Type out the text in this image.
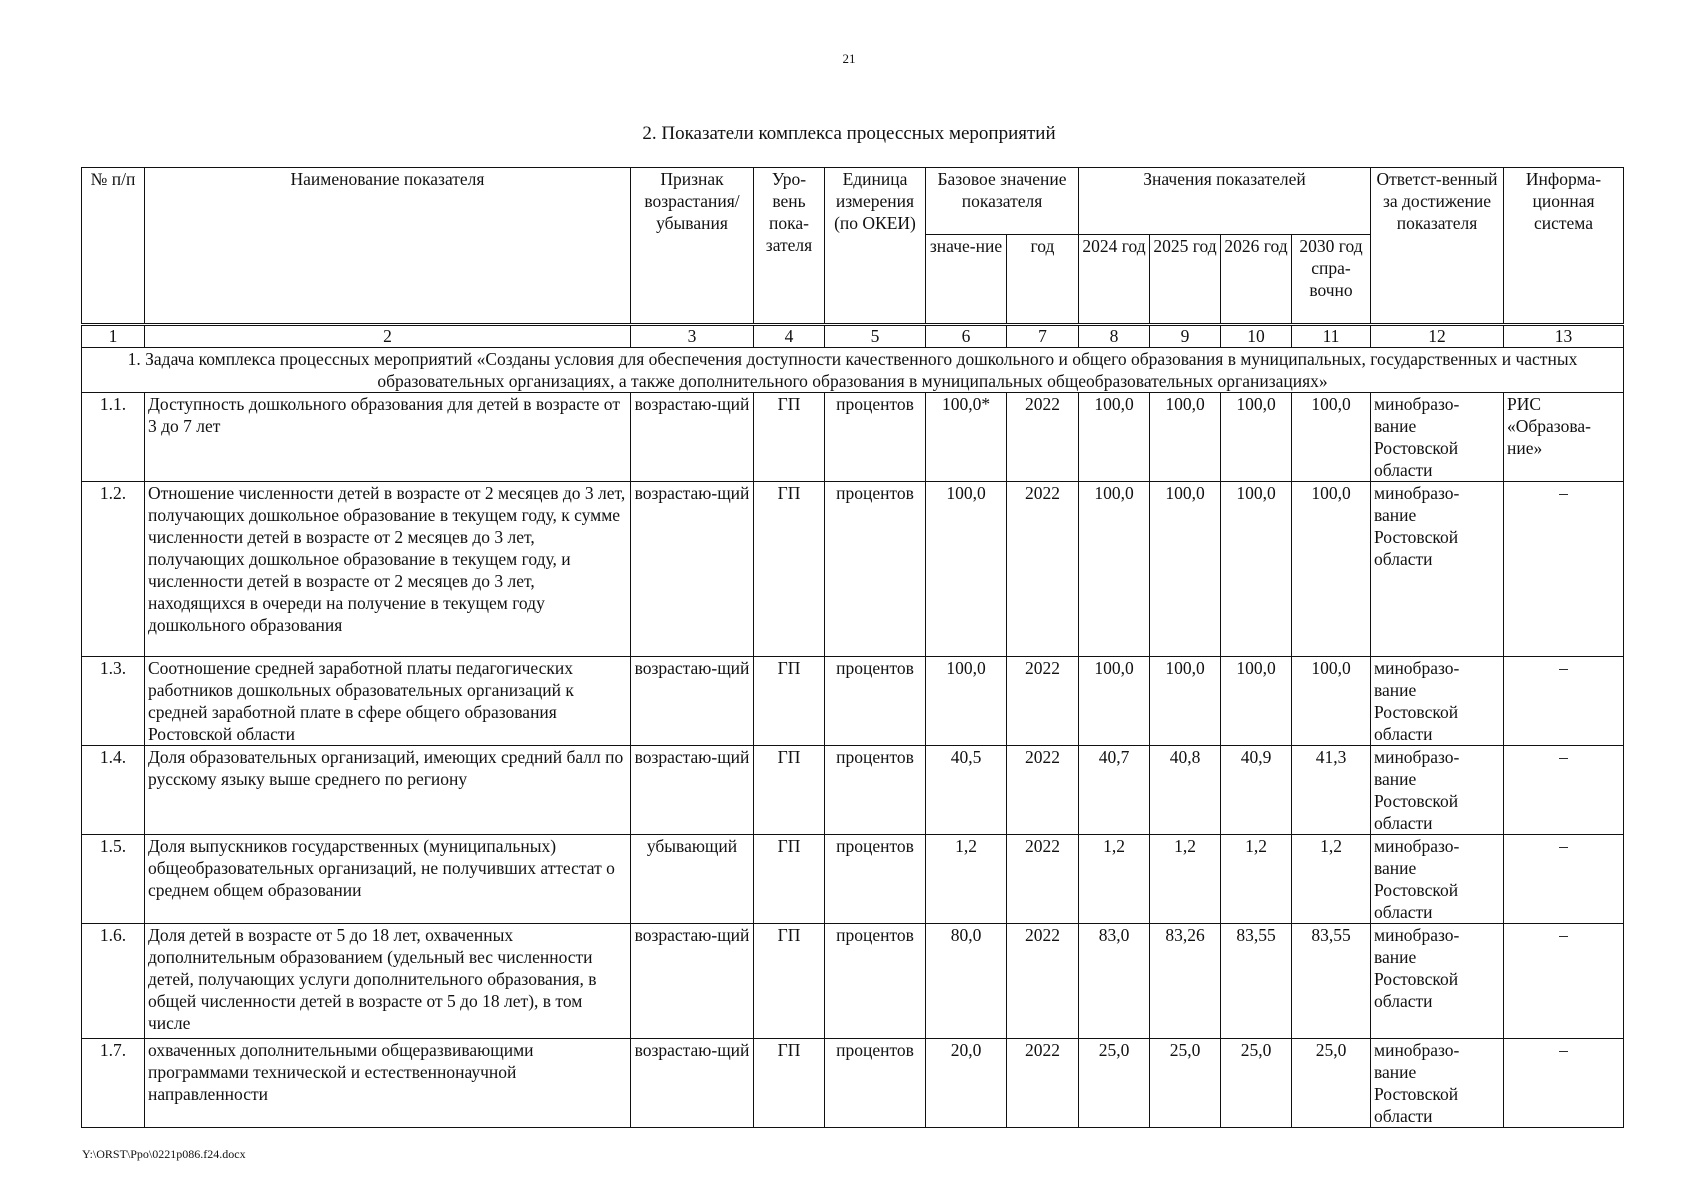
21
2. Показатели комплекса процессных мероприятий
№ п/п	Наименование показателя	Признак возрастания/ убывания	Уро-вень пока-зателя	Единица измерения (по ОКЕИ)	Базовое значение показателя		Значения показателей				Ответст-венный за достижение показателя	Информа-ционная система
					значе-ние	год	2024 год	2025 год	2026 год	2030 год спра-вочно		
1	2	3	4	5	6	7	8	9	10	11	12	13
1. Задача комплекса процессных мероприятий «Созданы условия для обеспечения доступности качественного дошкольного и общего образования в муниципальных, государственных и частных образовательных организациях, а также дополнительного образования в муниципальных общеобразовательных организациях»												
1.1.	Доступность дошкольного образования для детей в возрасте от 3 до 7 лет	возрастаю-щий	ГП	процентов	100,0*	2022	100,0	100,0	100,0	100,0	минобразо-вание Ростовской области	РИС «Образова-ние»
1.2.	Отношение численности детей в возрасте от 2 месяцев до 3 лет, получающих дошкольное образование в текущем году, к сумме численности детей в возрасте от 2 месяцев до 3 лет, получающих дошкольное образование в текущем году, и численности детей в возрасте от 2 месяцев до 3 лет, находящихся в очереди на получение в текущем году дошкольного образования	возрастаю-щий	ГП	процентов	100,0	2022	100,0	100,0	100,0	100,0	минобразо-вание Ростовской области	–
1.3.	Соотношение средней заработной платы педагогических работников дошкольных образовательных организаций к средней заработной плате в сфере общего образования Ростовской области	возрастаю-щий	ГП	процентов	100,0	2022	100,0	100,0	100,0	100,0	минобразо-вание Ростовской области	–
1.4.	Доля образовательных организаций, имеющих средний балл по русскому языку выше среднего по региону	возрастаю-щий	ГП	процентов	40,5	2022	40,7	40,8	40,9	41,3	минобразо-вание Ростовской области	–
1.5.	Доля выпускников государственных (муниципальных) общеобразовательных организаций, не получивших аттестат о среднем общем образовании	убывающий	ГП	процентов	1,2	2022	1,2	1,2	1,2	1,2	минобразо-вание Ростовской области	–
1.6.	Доля детей в возрасте от 5 до 18 лет, охваченных дополнительным образованием (удельный вес численности детей, получающих услуги дополнительного образования, в общей численности детей в возрасте от 5 до 18 лет), в том числе	возрастаю-щий	ГП	процентов	80,0	2022	83,0	83,26	83,55	83,55	минобразо-вание Ростовской области	–
1.7.	охваченных дополнительными общеразвивающими программами технической и естественнонаучной направленности	возрастаю-щий	ГП	процентов	20,0	2022	25,0	25,0	25,0	25,0	минобразо-вание Ростовской области	–
Y:\ORST\Ppo\0221p086.f24.docx
